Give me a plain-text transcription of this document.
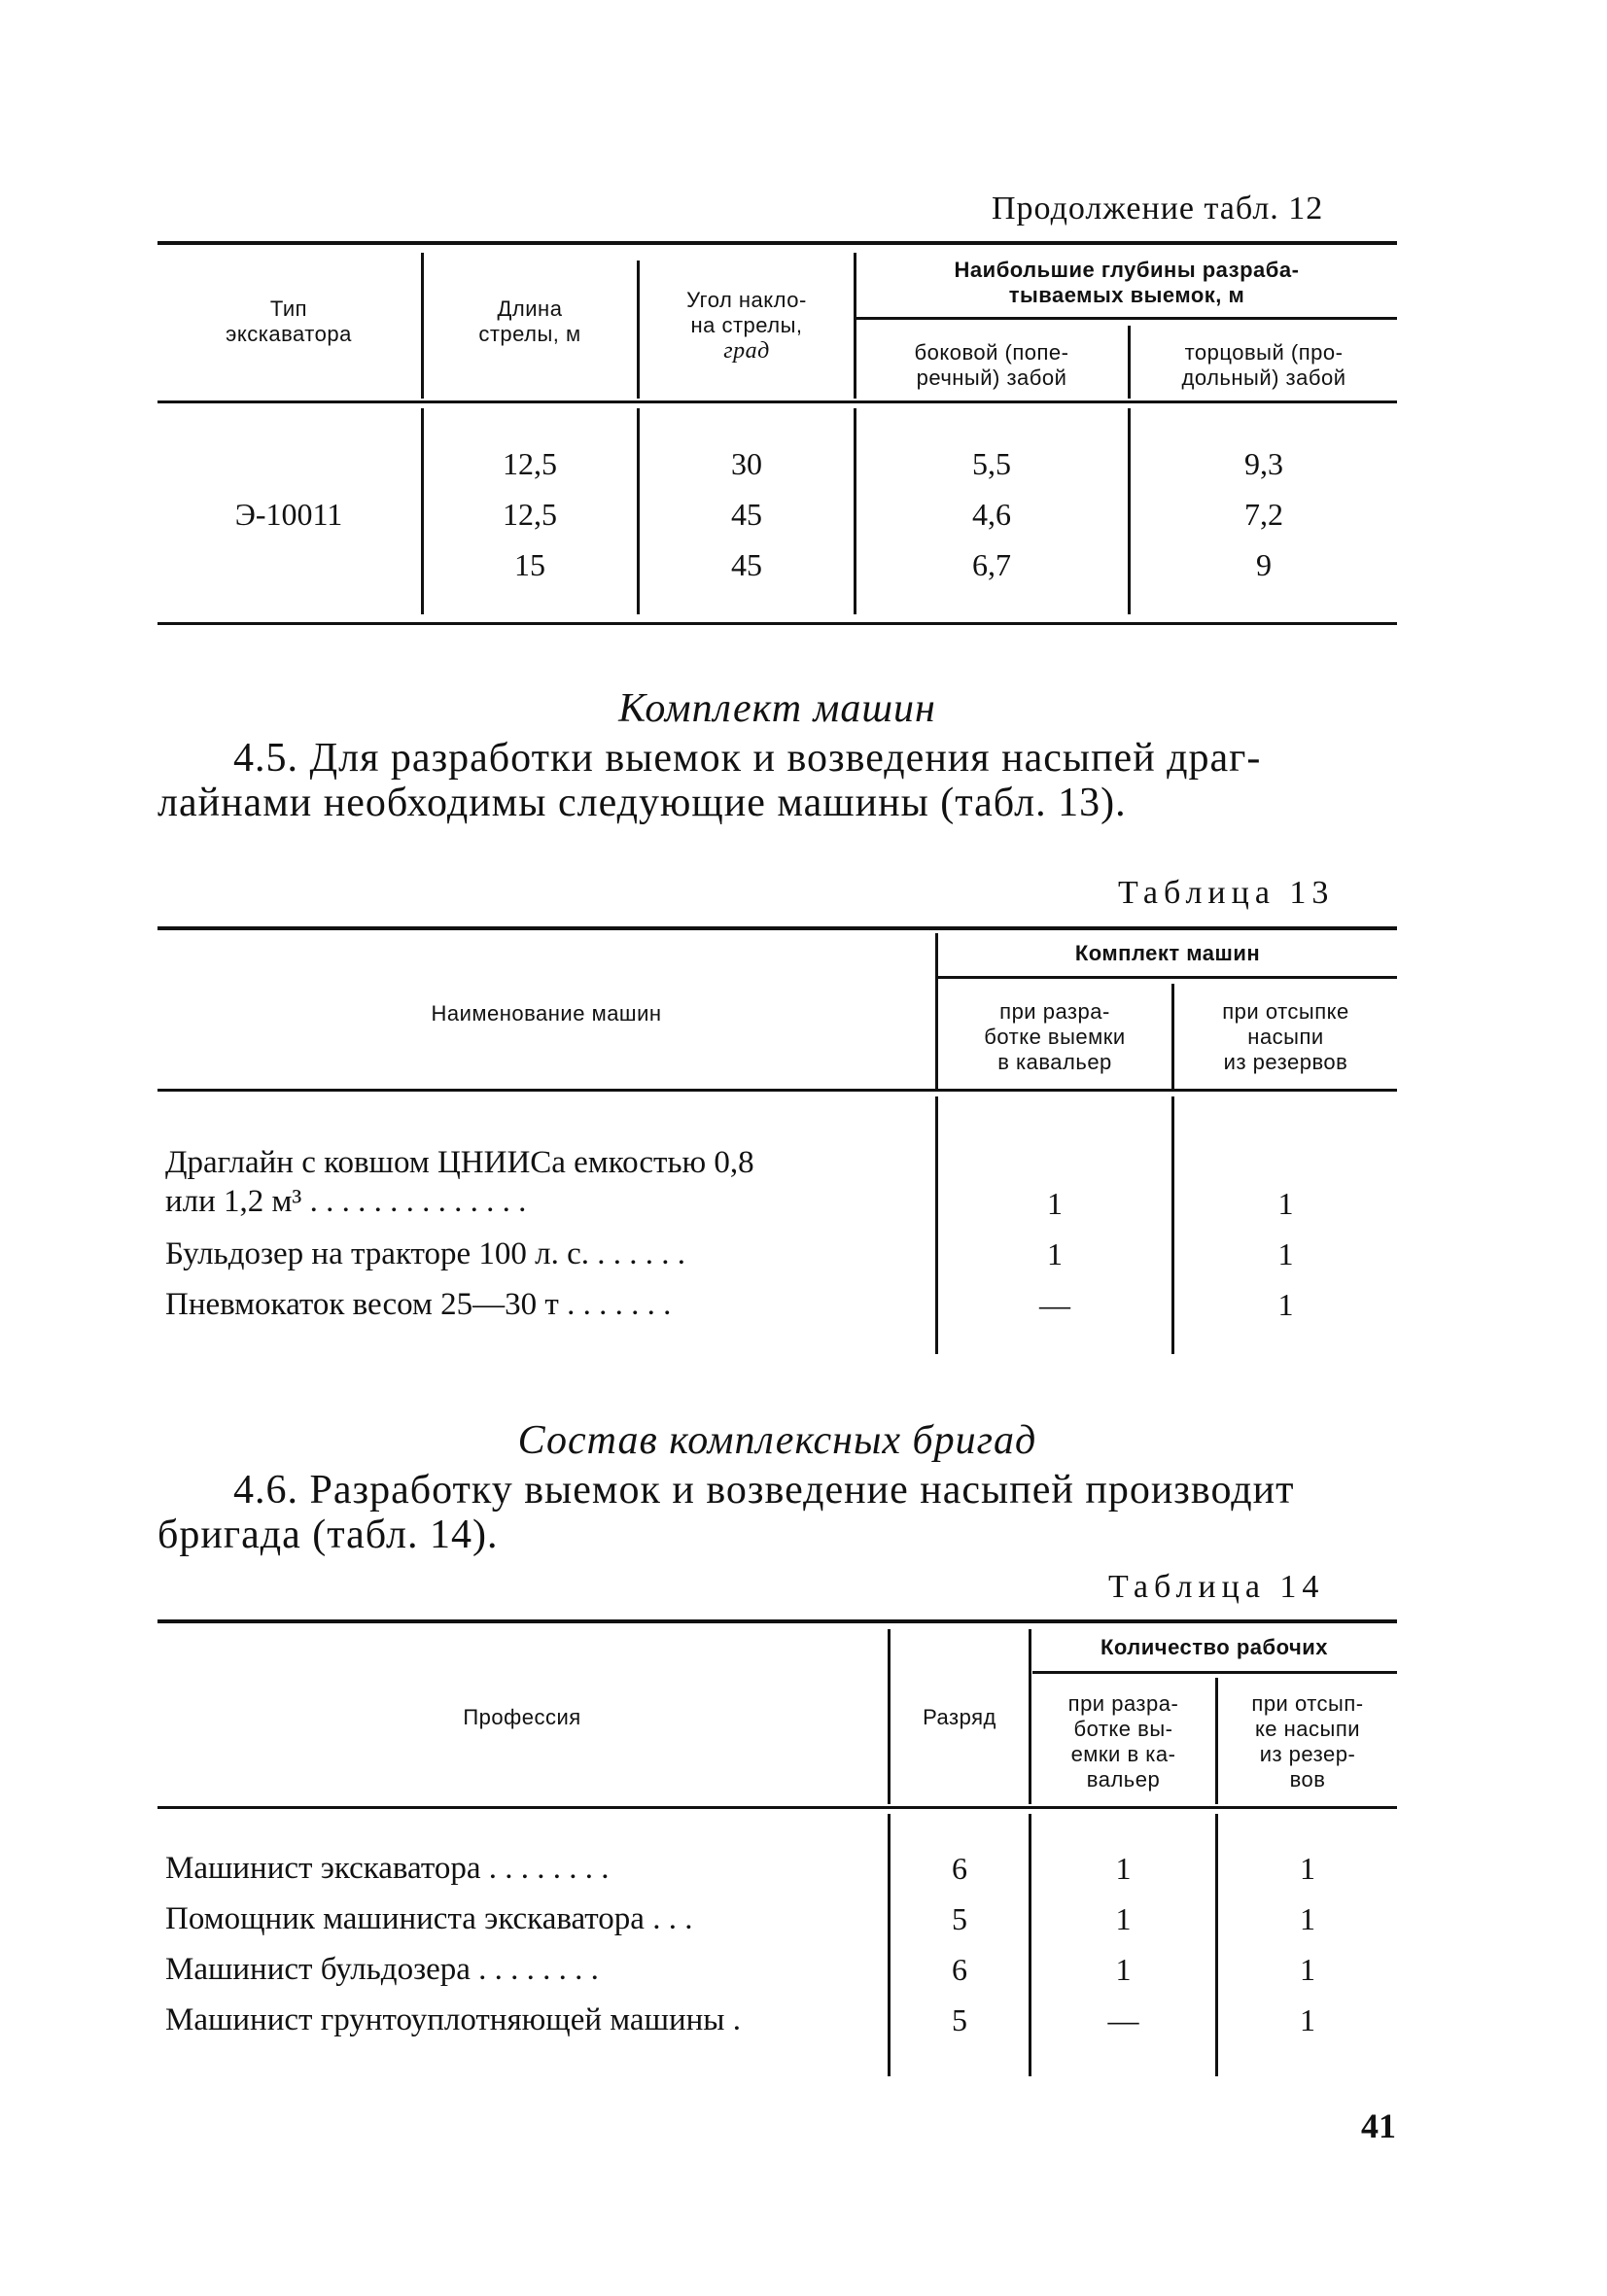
Продолжение табл. 12
Тип
экскаватора
Длина
стрелы, м
Угол накло-
на стрелы,
град
Наибольшие глубины разраба-
тываемых выемок, м
боковой (попе-
речный) забой
торцовый (про-
дольный) забой
Э-10011
12,5	30	5,5	9,3
12,5	45	4,6	7,2
15	45	6,7	9
Комплект машин
4.5. Для разработки выемок и возведения насыпей драг-
лайнами необходимы следующие машины (табл. 13).
Таблица 13
Наименование машин
Комплект машин
при разра-
ботке выемки
в кавальер
при отсыпке
насыпи
из резервов
Драглайн с ковшом ЦНИИСа емкостью 0,8
или 1,2 м³ . . . . . . . . . . . . . .	1	1
Бульдозер на тракторе 100 л. с. . . . . . .	1	1
Пневмокаток весом 25—30 т . . . . . . .	—	1
Состав комплексных бригад
4.6. Разработку выемок и возведение насыпей производит
бригада (табл. 14).
Таблица 14
Профессия	Разряд
Количество рабочих
при разра-
ботке вы-
емки в ка-
вальер
при отсып-
ке насыпи
из резер-
вов
Машинист экскаватора . . . . . . . .	6	1	1
Помощник машиниста экскаватора . . .	5	1	1
Машинист бульдозера . . . . . . . .	6	1	1
Машинист грунтоуплотняющей машины .	5	—	1
41
